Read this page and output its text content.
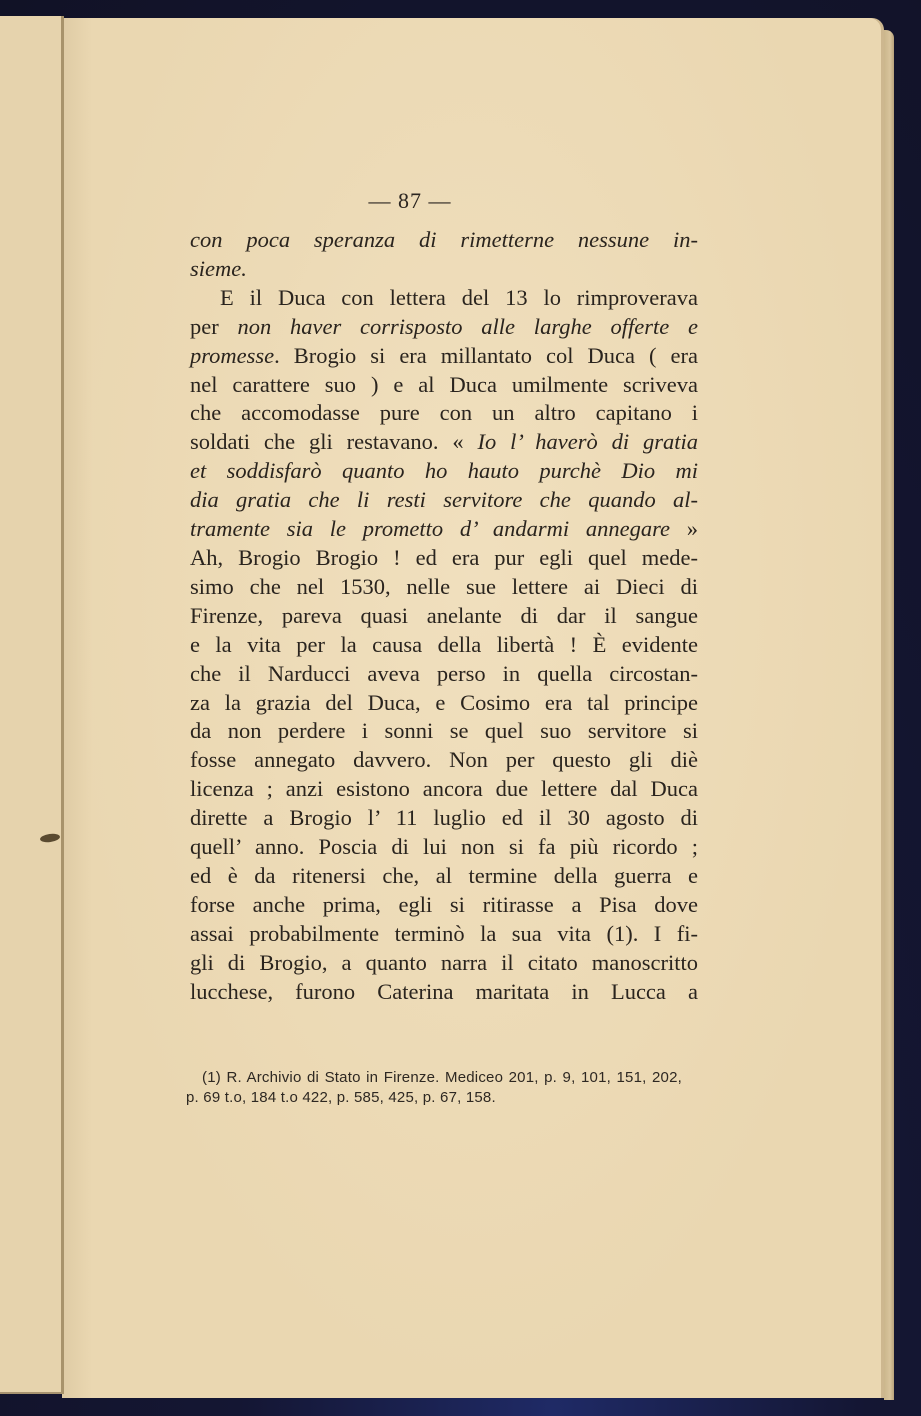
— 87 —
con poca speranza di rimetterne nessune in-
sieme.
E il Duca con lettera del 13 lo rimproverava
per non haver corrisposto alle larghe offerte e
promesse. Brogio si era millantato col Duca ( era
nel carattere suo ) e al Duca umilmente scriveva
che accomodasse pure con un altro capitano i
soldati che gli restavano. « Io l’ haverò di gratia
et soddisfarò quanto ho hauto purchè Dio mi
dia gratia che li resti servitore che quando al-
tramente sia le prometto d’ andarmi annegare »
Ah, Brogio Brogio ! ed era pur egli quel mede-
simo che nel 1530, nelle sue lettere ai Dieci di
Firenze, pareva quasi anelante di dar il sangue
e la vita per la causa della libertà ! È evidente
che il Narducci aveva perso in quella circostan-
za la grazia del Duca, e Cosimo era tal principe
da non perdere i sonni se quel suo servitore si
fosse annegato davvero. Non per questo gli diè
licenza ; anzi esistono ancora due lettere dal Duca
dirette a Brogio l’ 11 luglio ed il 30 agosto di
quell’ anno. Poscia di lui non si fa più ricordo ;
ed è da ritenersi che, al termine della guerra e
forse anche prima, egli si ritirasse a Pisa dove
assai probabilmente terminò la sua vita (1). I fi-
gli di Brogio, a quanto narra il citato manoscritto
lucchese, furono Caterina maritata in Lucca a
(1) R. Archivio di Stato in Firenze. Mediceo 201, p. 9, 101, 151, 202,
p. 69 t.o, 184 t.o 422, p. 585, 425, p. 67, 158.
